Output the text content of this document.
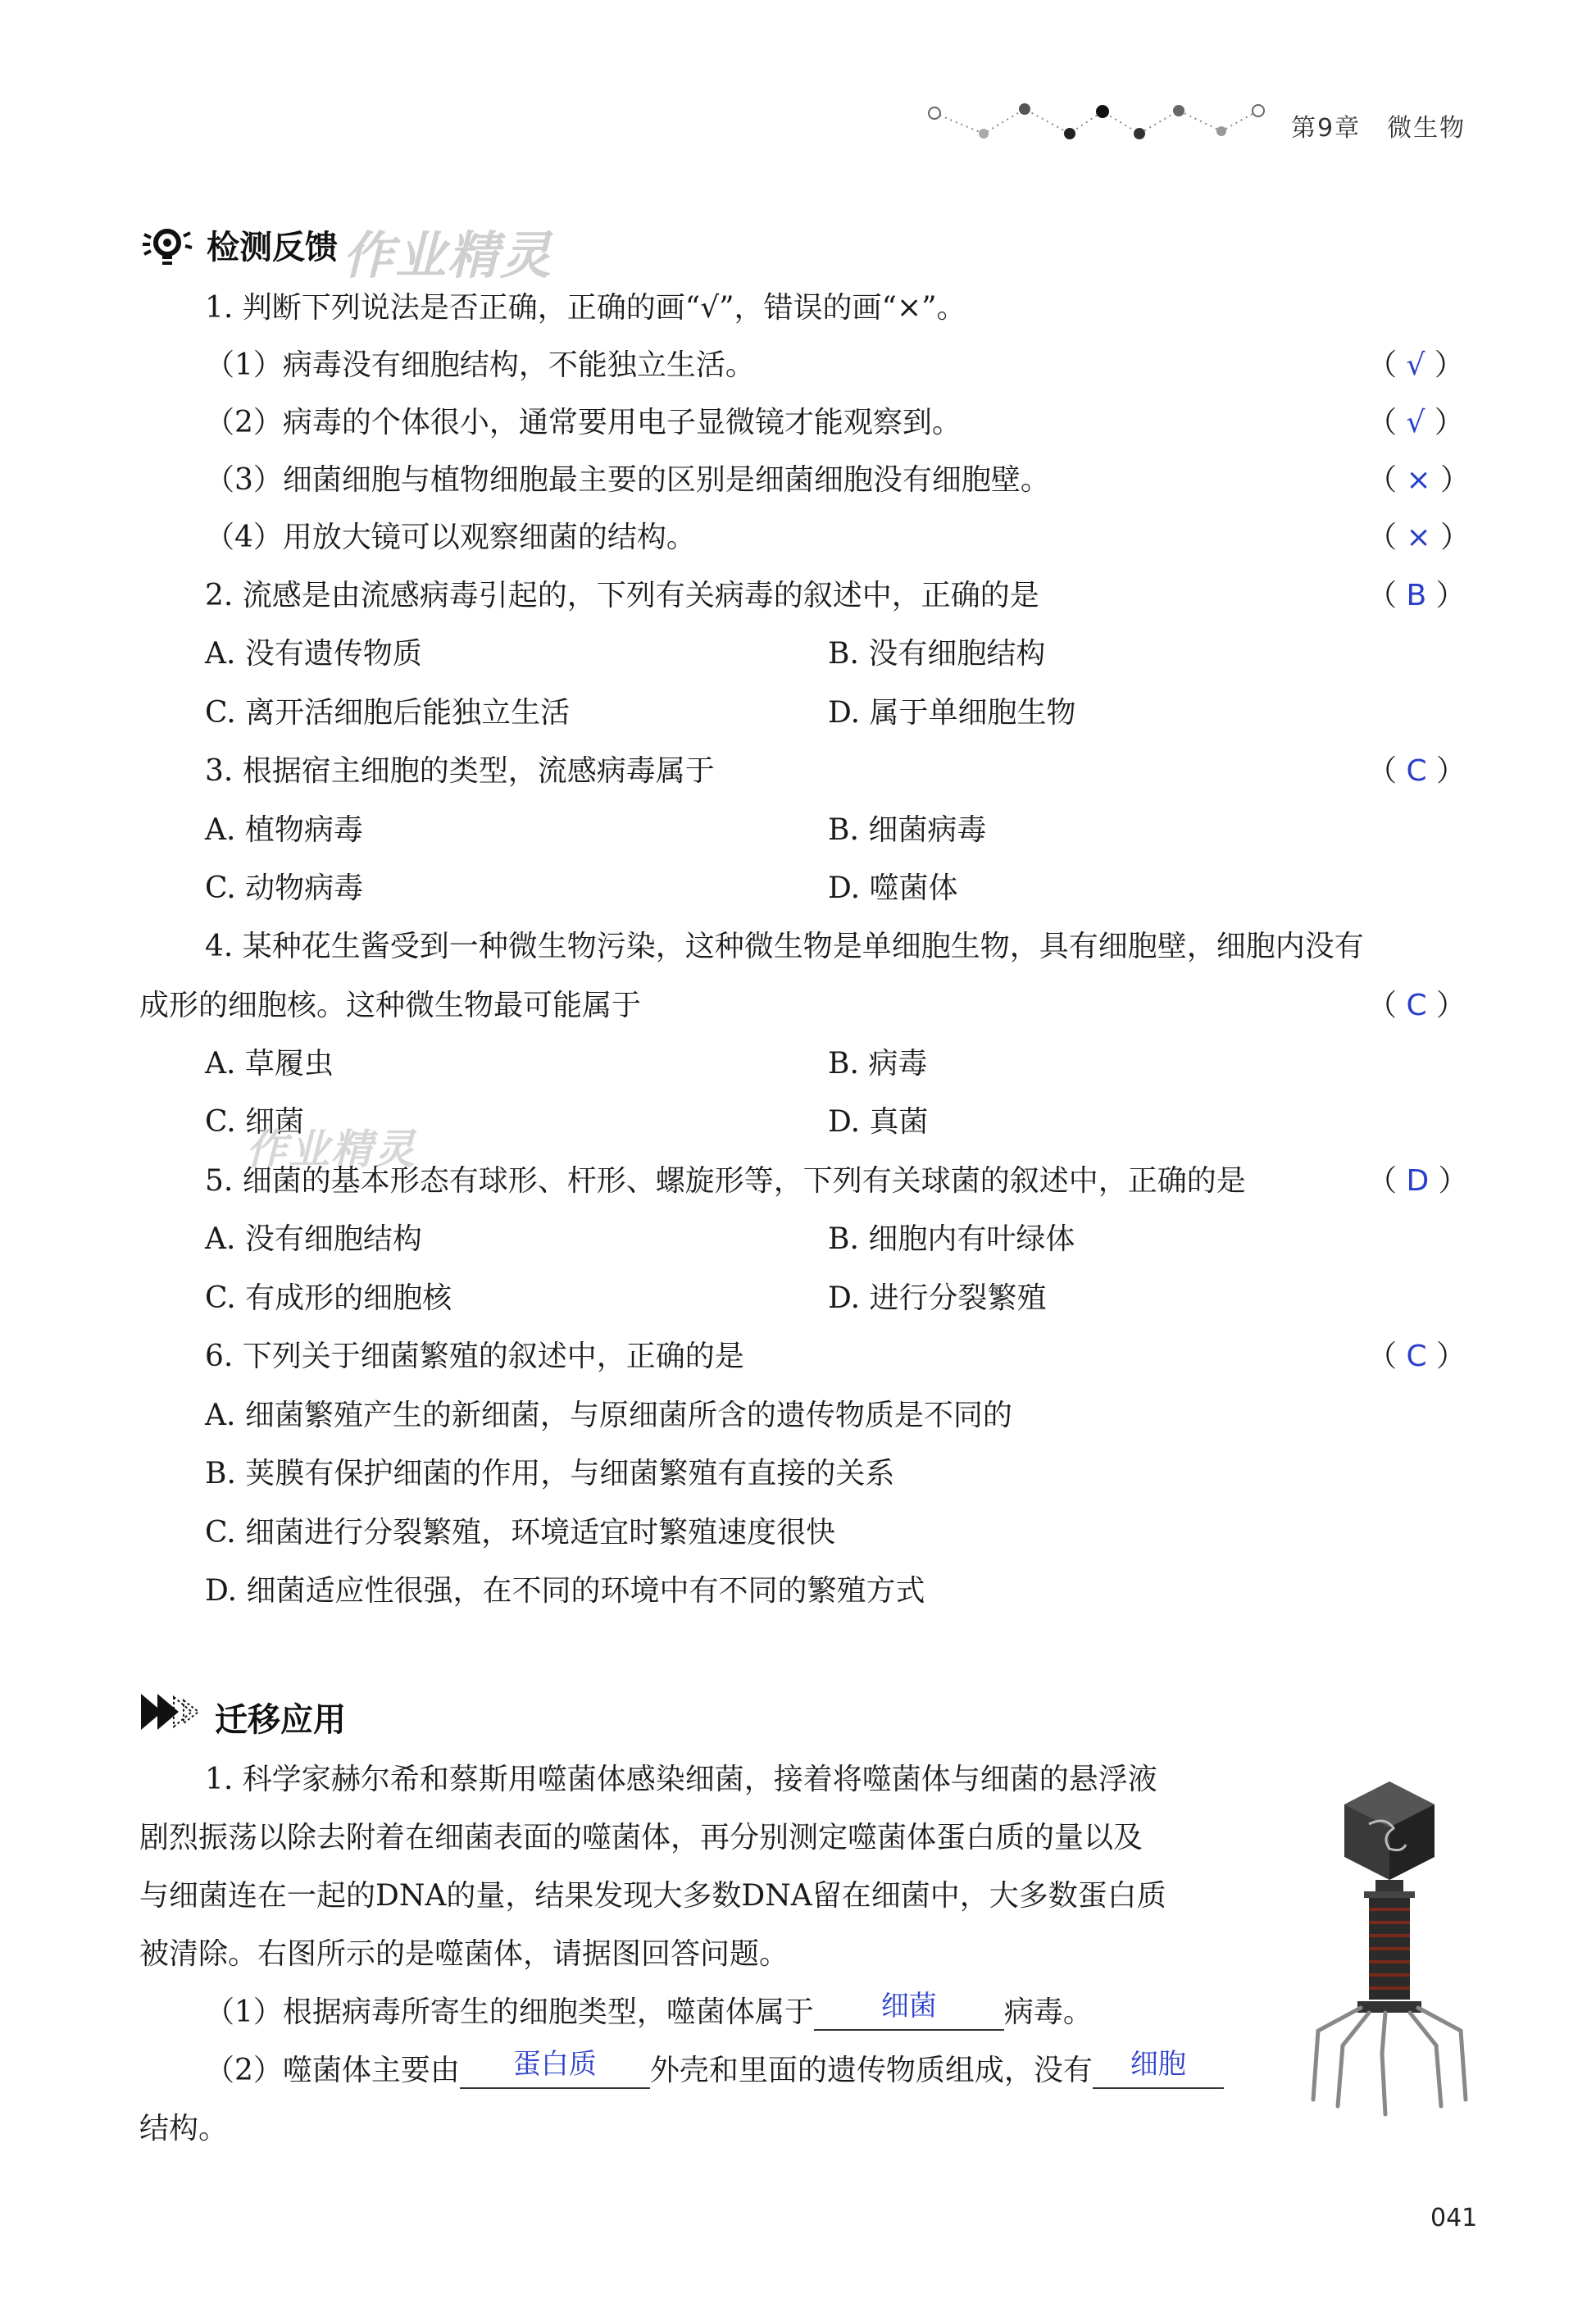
第9章　微生物
检测反馈 作业精灵
1. 判断下列说法是否正确，正确的画“√”，错误的画“×”。
（1）病毒没有细胞结构，不能独立生活。	（ √ ）
（2）病毒的个体很小，通常要用电子显微镜才能观察到。	（ √ ）
（3）细菌细胞与植物细胞最主要的区别是细菌细胞没有细胞壁。	（ × ）
（4）用放大镜可以观察细菌的结构。	（ × ）
2. 流感是由流感病毒引起的，下列有关病毒的叙述中，正确的是	（ B ）
A. 没有遗传物质	B. 没有细胞结构
C. 离开活细胞后能独立生活	D. 属于单细胞生物
3. 根据宿主细胞的类型，流感病毒属于	（ C ）
A. 植物病毒	B. 细菌病毒
C. 动物病毒	D. 噬菌体
4. 某种花生酱受到一种微生物污染，这种微生物是单细胞生物，具有细胞壁，细胞内没有
成形的细胞核。这种微生物最可能属于	（ C ）
A. 草履虫	B. 病毒
C. 细菌	D. 真菌
作业精灵
5. 细菌的基本形态有球形、杆形、螺旋形等，下列有关球菌的叙述中，正确的是	（ D ）
A. 没有细胞结构	B. 细胞内有叶绿体
C. 有成形的细胞核	D. 进行分裂繁殖
6. 下列关于细菌繁殖的叙述中，正确的是	（ C ）
A. 细菌繁殖产生的新细菌，与原细菌所含的遗传物质是不同的
B. 荚膜有保护细菌的作用，与细菌繁殖有直接的关系
C. 细菌进行分裂繁殖，环境适宜时繁殖速度很快
D. 细菌适应性很强，在不同的环境中有不同的繁殖方式
迁移应用
1. 科学家赫尔希和蔡斯用噬菌体感染细菌，接着将噬菌体与细菌的悬浮液
剧烈振荡以除去附着在细菌表面的噬菌体，再分别测定噬菌体蛋白质的量以及
与细菌连在一起的DNA的量，结果发现大多数DNA留在细菌中，大多数蛋白质
被清除。右图所示的是噬菌体，请据图回答问题。
（1）根据病毒所寄生的细胞类型，噬菌体属于 细菌 病毒。
（2）噬菌体主要由 蛋白质 外壳和里面的遗传物质组成，没有 细胞
结构。
041
